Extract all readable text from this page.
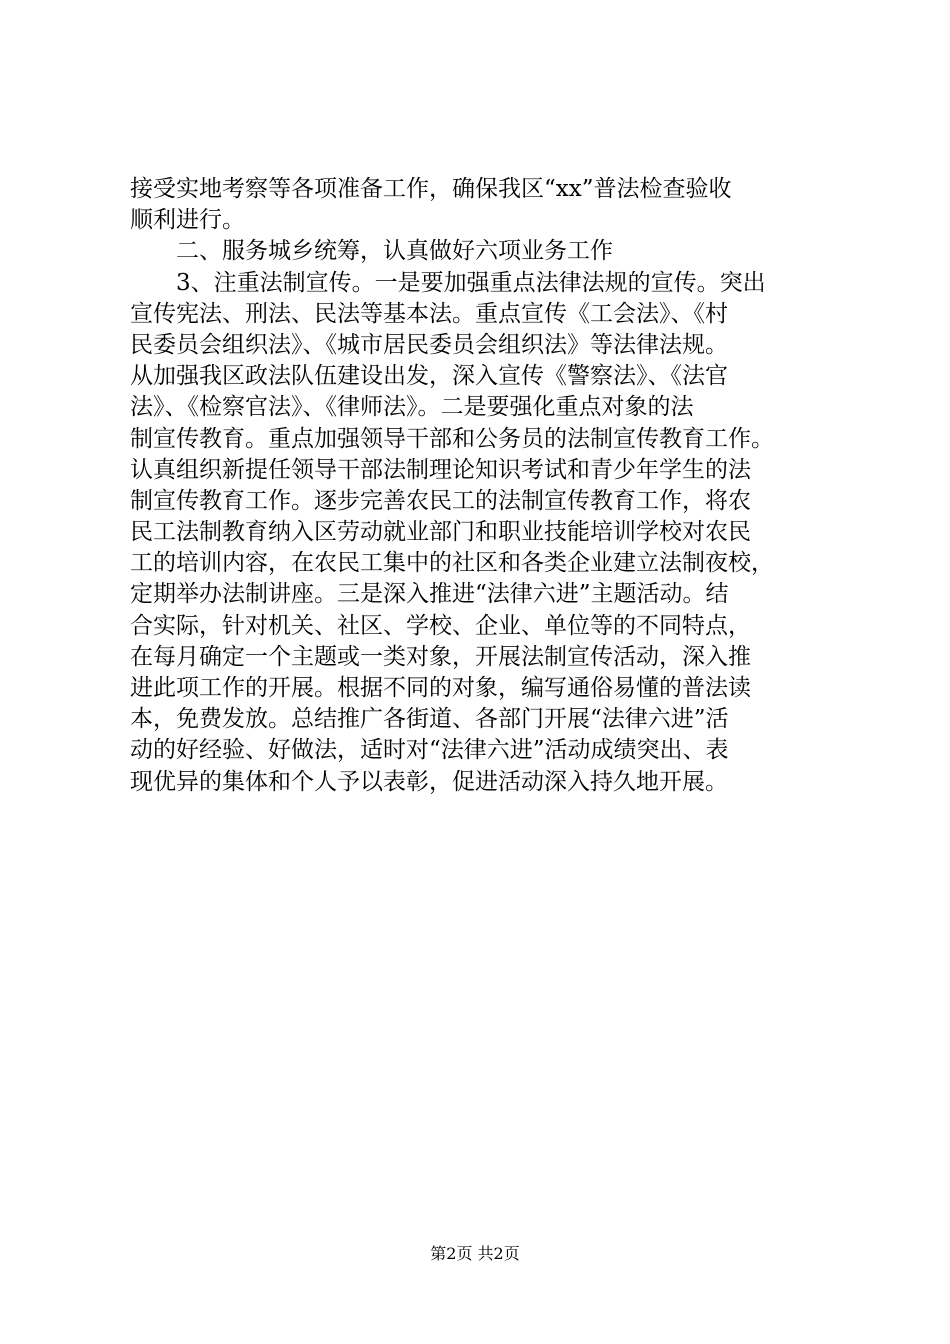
接受实地考察等各项准备工作，确保我区“xx”普法检查验收
顺利进行。
二、服务城乡统筹，认真做好六项业务工作
3、注重法制宣传。一是要加强重点法律法规的宣传。突出
宣传宪法、刑法、民法等基本法。重点宣传《工会法》、《村
民委员会组织法》、《城市居民委员会组织法》等法律法规。
从加强我区政法队伍建设出发，深入宣传《警察法》、《法官
法》、《检察官法》、《律师法》。二是要强化重点对象的法
制宣传教育。重点加强领导干部和公务员的法制宣传教育工作。
认真组织新提任领导干部法制理论知识考试和青少年学生的法
制宣传教育工作。逐步完善农民工的法制宣传教育工作，将农
民工法制教育纳入区劳动就业部门和职业技能培训学校对农民
工的培训内容，在农民工集中的社区和各类企业建立法制夜校，
定期举办法制讲座。三是深入推进“法律六进”主题活动。结
合实际，针对机关、社区、学校、企业、单位等的不同特点，
在每月确定一个主题或一类对象，开展法制宣传活动，深入推
进此项工作的开展。根据不同的对象，编写通俗易懂的普法读
本，免费发放。总结推广各街道、各部门开展“法律六进”活
动的好经验、好做法，适时对“法律六进”活动成绩突出、表
现优异的集体和个人予以表彰，促进活动深入持久地开展。
第2页 共2页
